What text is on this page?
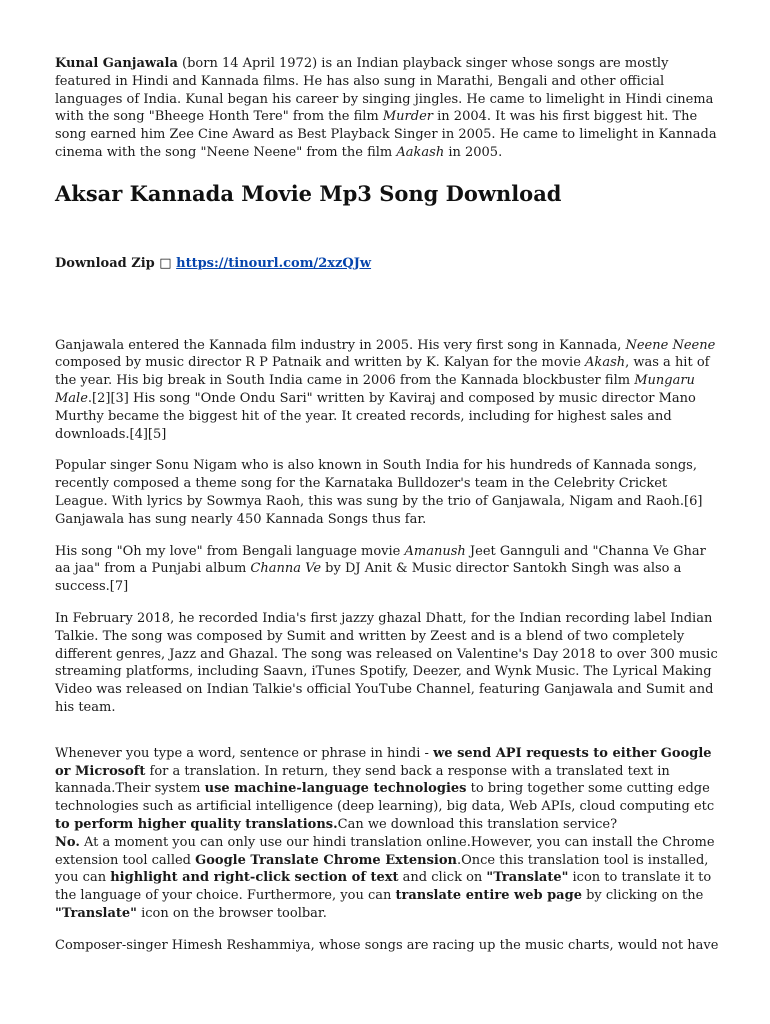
Kunal Ganjawala (born 14 April 1972) is an Indian playback singer whose songs are mostly featured in Hindi and Kannada films. He has also sung in Marathi, Bengali and other official languages of India. Kunal began his career by singing jingles. He came to limelight in Hindi cinema with the song "Bheege Honth Tere" from the film Murder in 2004. It was his first biggest hit. The song earned him Zee Cine Award as Best Playback Singer in 2005. He came to limelight in Kannada cinema with the song "Neene Neene" from the film Aakash in 2005.

Aksar Kannada Movie Mp3 Song Download

Download Zip □ https://tinourl.com/2xzQJw

Ganjawala entered the Kannada film industry in 2005. His very first song in Kannada, Neene Neene composed by music director R P Patnaik and written by K. Kalyan for the movie Akash, was a hit of the year. His big break in South India came in 2006 from the Kannada blockbuster film Mungaru Male.[2][3] His song "Onde Ondu Sari" written by Kaviraj and composed by music director Mano Murthy became the biggest hit of the year. It created records, including for highest sales and downloads.[4][5]

Popular singer Sonu Nigam who is also known in South India for his hundreds of Kannada songs, recently composed a theme song for the Karnataka Bulldozer's team in the Celebrity Cricket League. With lyrics by Sowmya Raoh, this was sung by the trio of Ganjawala, Nigam and Raoh.[6] Ganjawala has sung nearly 450 Kannada Songs thus far.

His song "Oh my love" from Bengali language movie Amanush Jeet Gannguli and "Channa Ve Ghar aa jaa" from a Punjabi album Channa Ve by DJ Anit & Music director Santokh Singh was also a success.[7]

In February 2018, he recorded India's first jazzy ghazal Dhatt, for the Indian recording label Indian Talkie. The song was composed by Sumit and written by Zeest and is a blend of two completely different genres, Jazz and Ghazal. The song was released on Valentine's Day 2018 to over 300 music streaming platforms, including Saavn, iTunes Spotify, Deezer, and Wynk Music. The Lyrical Making Video was released on Indian Talkie's official YouTube Channel, featuring Ganjawala and Sumit and his team.

Whenever you type a word, sentence or phrase in hindi - we send API requests to either Google or Microsoft for a translation. In return, they send back a response with a translated text in kannada.Their system use machine-language technologies to bring together some cutting edge technologies such as artificial intelligence (deep learning), big data, Web APIs, cloud computing etc to perform higher quality translations.Can we download this translation service?
No. At a moment you can only use our hindi translation online.However, you can install the Chrome extension tool called Google Translate Chrome Extension.Once this translation tool is installed, you can highlight and right-click section of text and click on "Translate" icon to translate it to the language of your choice. Furthermore, you can translate entire web page by clicking on the "Translate" icon on the browser toolbar.

Composer-singer Himesh Reshammiya, whose songs are racing up the music charts, would not have
